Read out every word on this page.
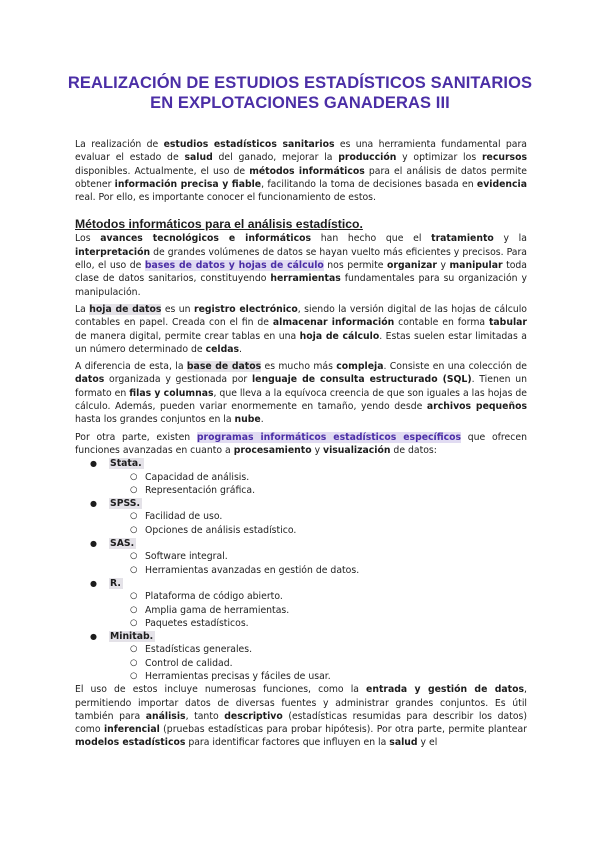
REALIZACIÓN DE ESTUDIOS ESTADÍSTICOS SANITARIOS EN EXPLOTACIONES GANADERAS III

La realización de estudios estadísticos sanitarios es una herramienta fundamental para evaluar el estado de salud del ganado, mejorar la producción y optimizar los recursos disponibles. Actualmente, el uso de métodos informáticos para el análisis de datos permite obtener información precisa y fiable, facilitando la toma de decisiones basada en evidencia real. Por ello, es importante conocer el funcionamiento de estos.

Métodos informáticos para el análisis estadístico.

Los avances tecnológicos e informáticos han hecho que el tratamiento y la interpretación de grandes volúmenes de datos se hayan vuelto más eficientes y precisos. Para ello, el uso de bases de datos y hojas de cálculo nos permite organizar y manipular toda clase de datos sanitarios, constituyendo herramientas fundamentales para su organización y manipulación.

La hoja de datos es un registro electrónico, siendo la versión digital de las hojas de cálculo contables en papel. Creada con el fin de almacenar información contable en forma tabular de manera digital, permite crear tablas en una hoja de cálculo. Estas suelen estar limitadas a un número determinado de celdas.

A diferencia de esta, la base de datos es mucho más compleja. Consiste en una colección de datos organizada y gestionada por lenguaje de consulta estructurado (SQL). Tienen un formato en filas y columnas, que lleva a la equívoca creencia de que son iguales a las hojas de cálculo. Además, pueden variar enormemente en tamaño, yendo desde archivos pequeños hasta los grandes conjuntos en la nube.

Por otra parte, existen programas informáticos estadísticos específicos que ofrecen funciones avanzadas en cuanto a procesamiento y visualización de datos:

● Stata.
○ Capacidad de análisis.
○ Representación gráfica.
● SPSS.
○ Facilidad de uso.
○ Opciones de análisis estadístico.
● SAS.
○ Software integral.
○ Herramientas avanzadas en gestión de datos.
● R.
○ Plataforma de código abierto.
○ Amplia gama de herramientas.
○ Paquetes estadísticos.
● Minitab.
○ Estadísticas generales.
○ Control de calidad.
○ Herramientas precisas y fáciles de usar.

El uso de estos incluye numerosas funciones, como la entrada y gestión de datos, permitiendo importar datos de diversas fuentes y administrar grandes conjuntos. Es útil también para análisis, tanto descriptivo (estadísticas resumidas para describir los datos) como inferencial (pruebas estadísticas para probar hipótesis). Por otra parte, permite plantear modelos estadísticos para identificar factores que influyen en la salud y el
